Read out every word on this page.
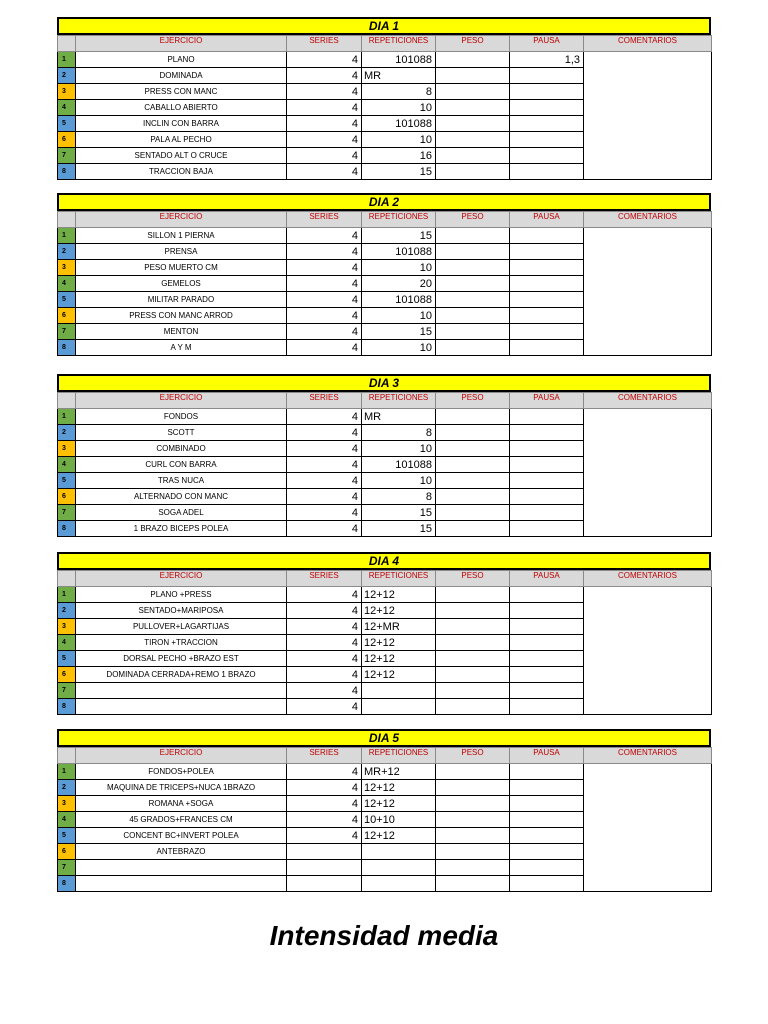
DIA 1
	EJERCICIO	SERIES	REPETICIONES	PESO	PAUSA	COMENTARIOS
1	PLANO	4	101088		1,3	
2	DOMINADA	4	MR			
3	PRESS CON MANC	4	8			
4	CABALLO ABIERTO	4	10			
5	INCLIN CON BARRA	4	101088			
6	PALA AL PECHO	4	10			
7	SENTADO ALT O CRUCE	4	16			
8	TRACCION BAJA	4	15			
DIA 2
	EJERCICIO	SERIES	REPETICIONES	PESO	PAUSA	COMENTARIOS
1	SILLON 1 PIERNA	4	15			
2	PRENSA	4	101088			
3	PESO MUERTO CM	4	10			
4	GEMELOS	4	20			
5	MILITAR PARADO	4	101088			
6	PRESS CON MANC ARROD	4	10			
7	MENTON	4	15			
8	A Y M	4	10			
DIA 3
	EJERCICIO	SERIES	REPETICIONES	PESO	PAUSA	COMENTARIOS
1	FONDOS	4	MR			
2	SCOTT	4	8			
3	COMBINADO	4	10			
4	CURL CON BARRA	4	101088			
5	TRAS NUCA	4	10			
6	ALTERNADO CON MANC	4	8			
7	SOGA ADEL	4	15			
8	1 BRAZO BICEPS POLEA	4	15			
DIA 4
	EJERCICIO	SERIES	REPETICIONES	PESO	PAUSA	COMENTARIOS
1	PLANO +PRESS	4	12+12			
2	SENTADO+MARIPOSA	4	12+12			
3	PULLOVER+LAGARTIJAS	4	12+MR			
4	TIRON +TRACCION	4	12+12			
5	DORSAL PECHO +BRAZO EST	4	12+12			
6	DOMINADA CERRADA+REMO 1 BRAZO	4	12+12			
7		4				
8		4				
DIA 5
	EJERCICIO	SERIES	REPETICIONES	PESO	PAUSA	COMENTARIOS
1	FONDOS+POLEA	4	MR+12			
2	MAQUINA DE TRICEPS+NUCA 1BRAZO	4	12+12			
3	ROMANA +SOGA	4	12+12			
4	45 GRADOS+FRANCES CM	4	10+10			
5	CONCENT BC+INVERT POLEA	4	12+12			
6	ANTEBRAZO					
7						
8						
Intensidad media
